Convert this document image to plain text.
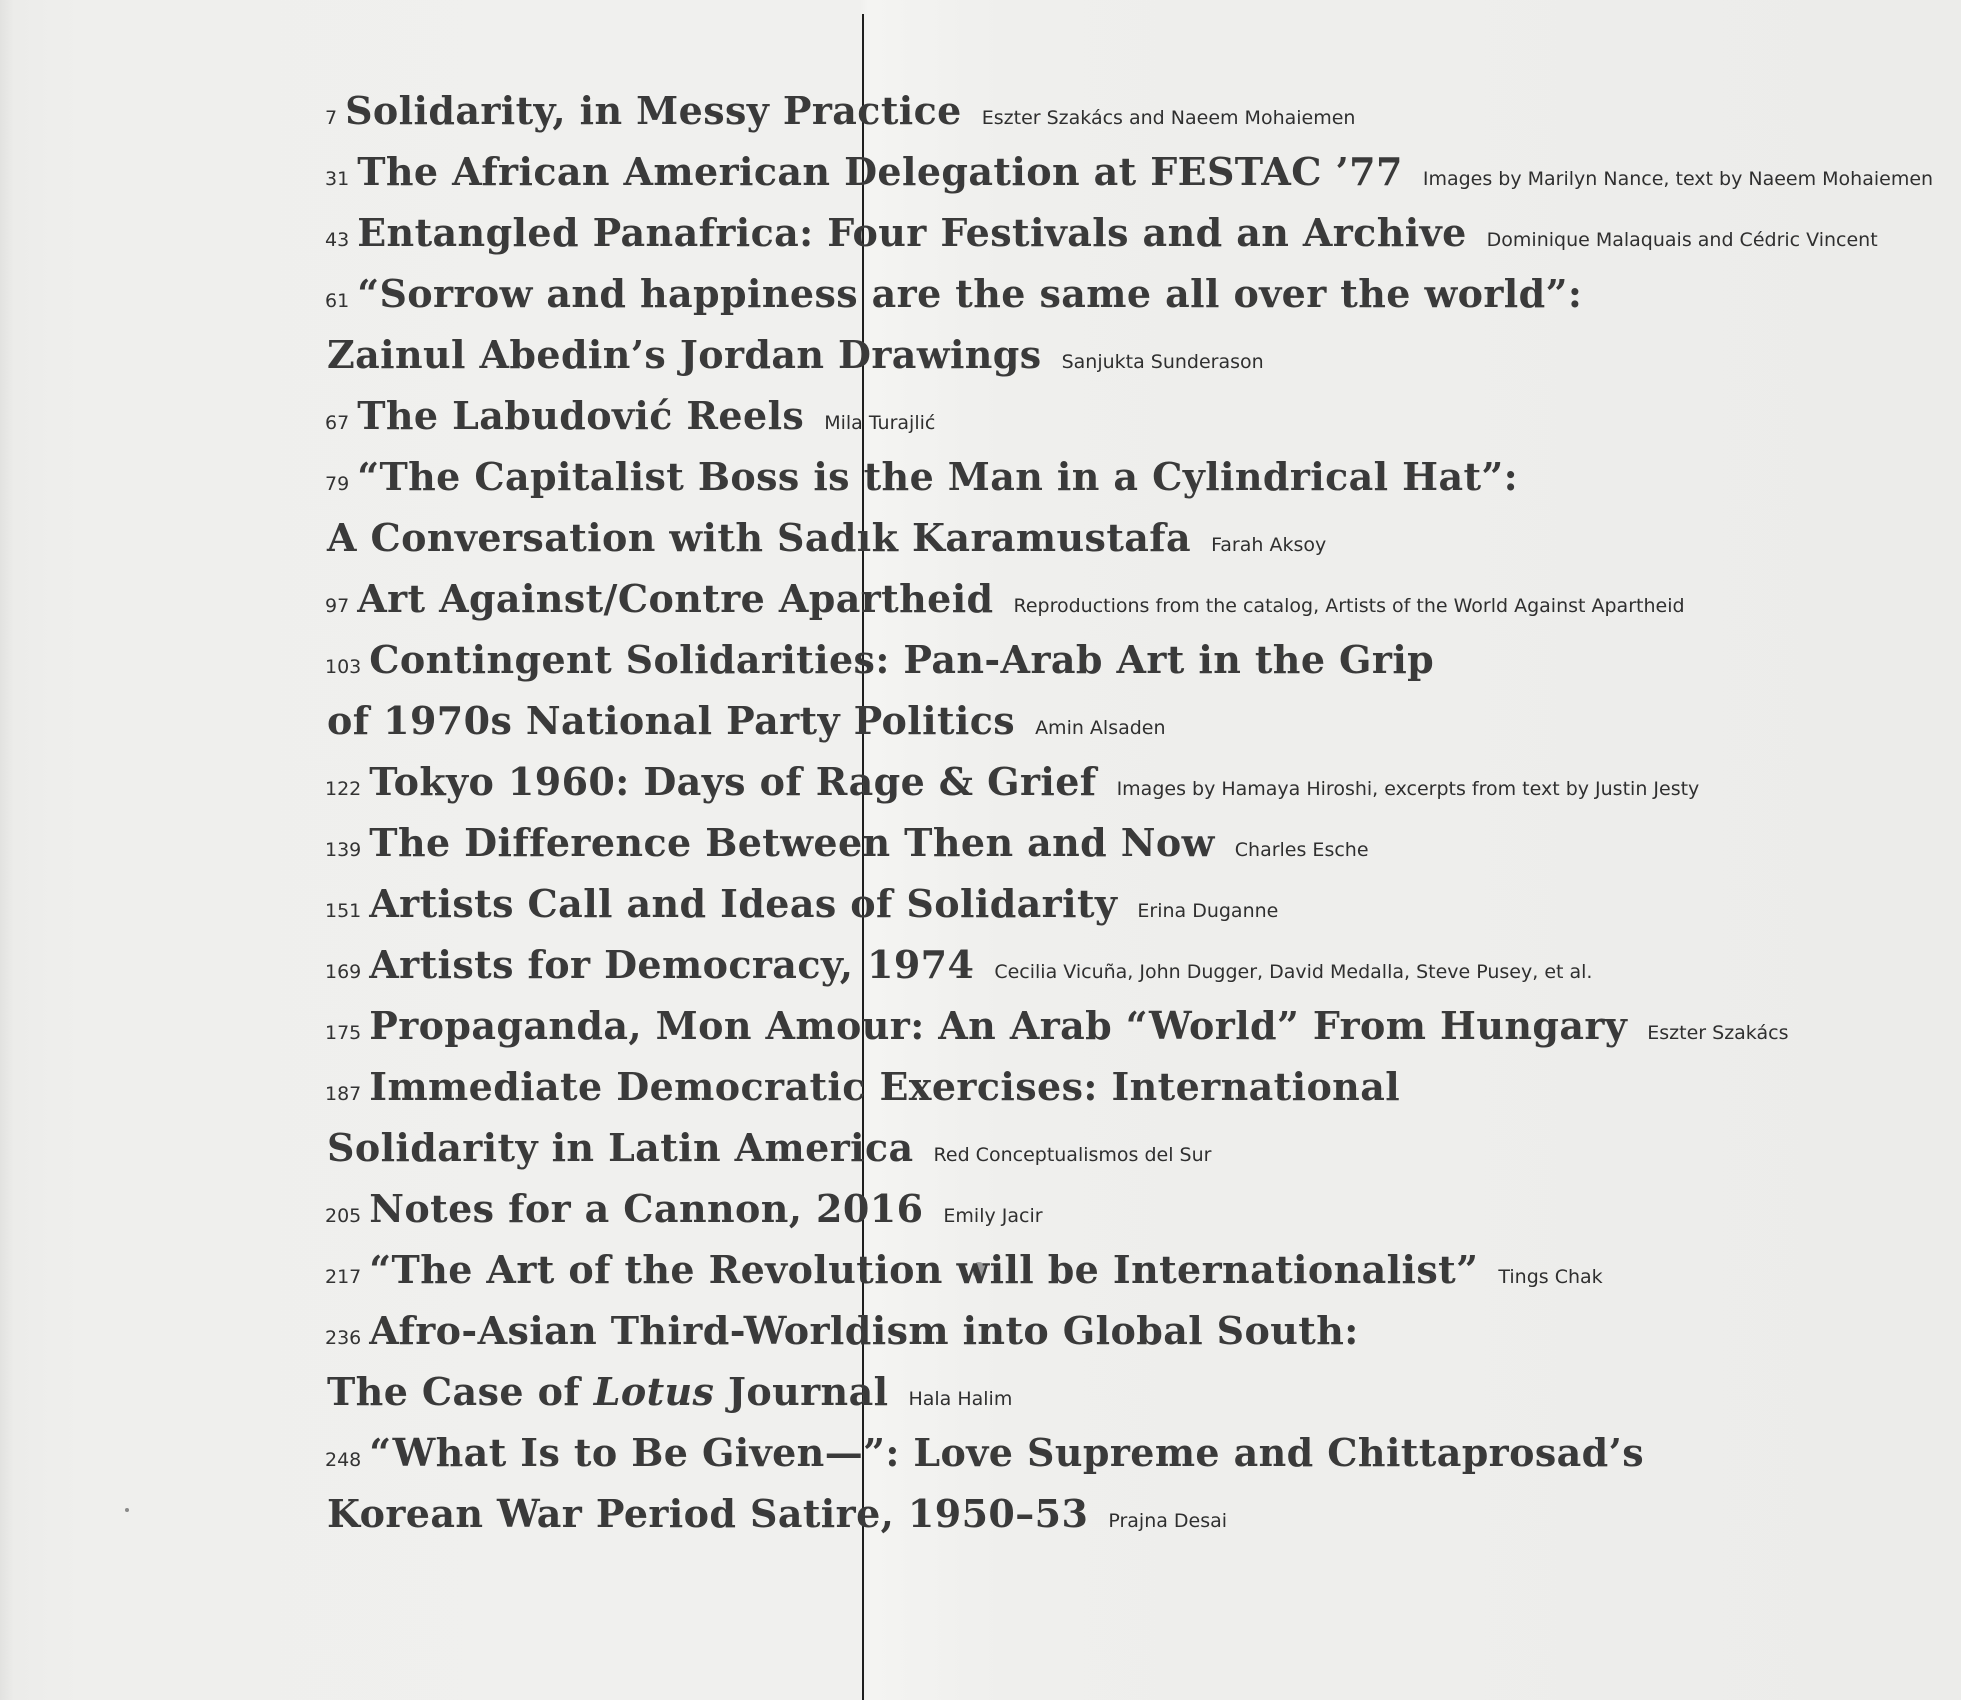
7 Solidarity, in Messy Practice Eszter Szakács and Naeem Mohaiemen
31 The African American Delegation at FESTAC ’77 Images by Marilyn Nance, text by Naeem Mohaiemen
43 Entangled Panafrica: Four Festivals and an Archive Dominique Malaquais and Cédric Vincent
61 “Sorrow and happiness are the same all over the world”:
Zainul Abedin’s Jordan Drawings Sanjukta Sunderason
67 The Labudović Reels Mila Turajlić
79 “The Capitalist Boss is the Man in a Cylindrical Hat”:
A Conversation with Sadık Karamustafa Farah Aksoy
97 Art Against/Contre Apartheid Reproductions from the catalog, Artists of the World Against Apartheid
103 Contingent Solidarities: Pan-Arab Art in the Grip
of 1970s National Party Politics Amin Alsaden
122 Tokyo 1960: Days of Rage & Grief Images by Hamaya Hiroshi, excerpts from text by Justin Jesty
139 The Difference Between Then and Now Charles Esche
151 Artists Call and Ideas of Solidarity Erina Duganne
169 Artists for Democracy, 1974 Cecilia Vicuña, John Dugger, David Medalla, Steve Pusey, et al.
175 Propaganda, Mon Amour: An Arab “World” From Hungary Eszter Szakács
187 Immediate Democratic Exercises: International
Solidarity in Latin America Red Conceptualismos del Sur
205 Notes for a Cannon, 2016 Emily Jacir
217 “The Art of the Revolution will be Internationalist” Tings Chak
236 Afro-Asian Third-Worldism into Global South:
The Case of Lotus Journal Hala Halim
248 “What Is to Be Given—”: Love Supreme and Chittaprosad’s
Korean War Period Satire, 1950–53 Prajna Desai
